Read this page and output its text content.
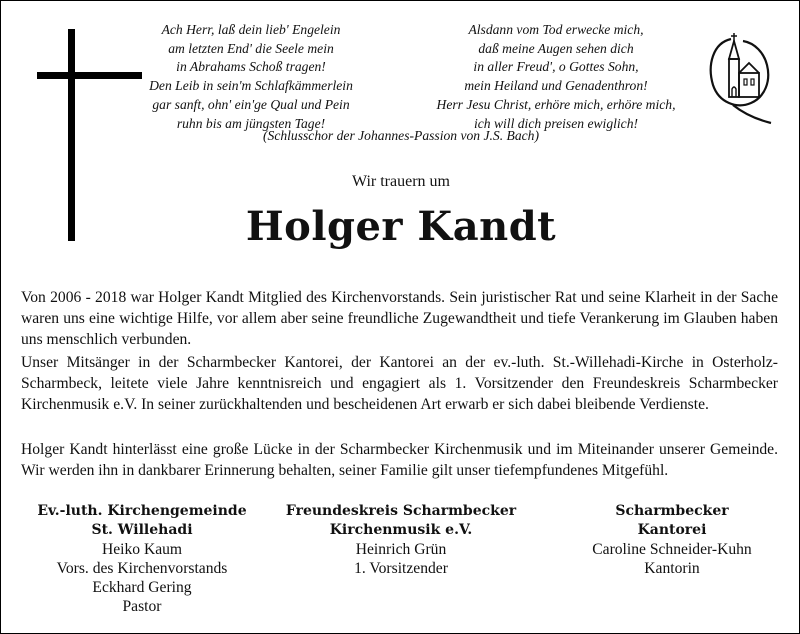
Ach Herr, laß dein lieb' Engelein
am letzten End' die Seele mein
in Abrahams Schoß tragen!
Den Leib in sein'm Schlafkämmerlein
gar sanft, ohn' ein'ge Qual und Pein
ruhn bis am jüngsten Tage!
Alsdann vom Tod erwecke mich,
daß meine Augen sehen dich
in aller Freud', o Gottes Sohn,
mein Heiland und Genadenthron!
Herr Jesu Christ, erhöre mich, erhöre mich,
ich will dich preisen ewiglich!
(Schlusschor der Johannes-Passion von J.S. Bach)
Wir trauern um
Holger Kandt

Von 2006 - 2018 war Holger Kandt Mitglied des Kirchenvorstands. Sein juristischer Rat und seine Klarheit in der Sache waren uns eine wichtige Hilfe, vor allem aber seine freundliche Zugewandtheit und tiefe Verankerung im Glauben haben uns menschlich verbunden.

Unser Mitsänger in der Scharmbecker Kantorei, der Kantorei an der ev.-luth. St.-Willehadi-Kirche in Osterholz-Scharmbeck, leitete viele Jahre kenntnisreich und engagiert als 1. Vorsitzender den Freundeskreis Scharmbecker Kirchenmusik e.V. In seiner zurückhaltenden und bescheidenen Art erwarb er sich dabei bleibende Verdienste.

Holger Kandt hinterlässt eine große Lücke in der Scharmbecker Kirchenmusik und im Miteinander unserer Gemeinde. Wir werden ihn in dankbarer Erinnerung behalten, seiner Familie gilt unser tiefempfundenes Mitgefühl.

Ev.-luth. Kirchengemeinde
St. Willehadi
Heiko Kaum
Vors. des Kirchenvorstands
Eckhard Gering
Pastor
Freundeskreis Scharmbecker
Kirchenmusik e.V.
Heinrich Grün
1. Vorsitzender
Scharmbecker
Kantorei
Caroline Schneider-Kuhn
Kantorin
